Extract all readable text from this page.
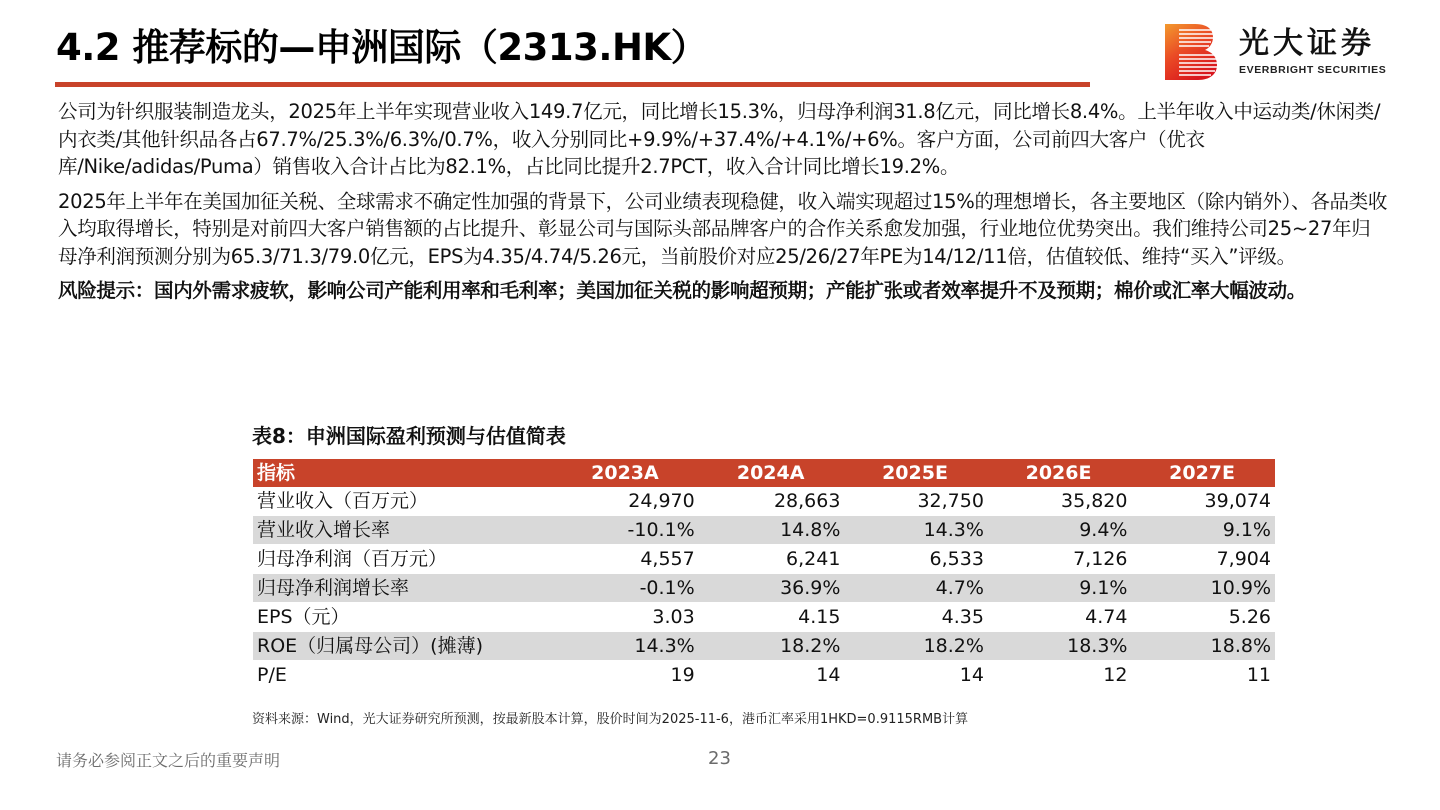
4.2 推荐标的—申洲国际（2313.HK）	光大证券
EVERBRIGHT SECURITIES

公司为针织服装制造龙头，2025年上半年实现营业收入149.7亿元，同比增长15.3%，归母净利润31.8亿元，同比增长8.4%。上半年收入中运动类/休闲类/内衣类/其他针织品各占67.7%/25.3%/6.3%/0.7%，收入分别同比+9.9%/+37.4%/+4.1%/+6%。客户方面，公司前四大客户（优衣库/Nike/adidas/Puma）销售收入合计占比为82.1%，占比同比提升2.7PCT，收入合计同比增长19.2%。

2025年上半年在美国加征关税、全球需求不确定性加强的背景下，公司业绩表现稳健，收入端实现超过15%的理想增长，各主要地区（除内销外）、各品类收入均取得增长，特别是对前四大客户销售额的占比提升、彰显公司与国际头部品牌客户的合作关系愈发加强，行业地位优势突出。我们维持公司25~27年归母净利润预测分别为65.3/71.3/79.0亿元，EPS为4.35/4.74/5.26元，当前股价对应25/26/27年PE为14/12/11倍，估值较低、维持“买入”评级。

风险提示：国内外需求疲软，影响公司产能利用率和毛利率；美国加征关税的影响超预期；产能扩张或者效率提升不及预期；棉价或汇率大幅波动。

表8：申洲国际盈利预测与估值简表
指标	2023A	2024A	2025E	2026E	2027E
营业收入（百万元）	24,970	28,663	32,750	35,820	39,074
营业收入增长率	-10.1%	14.8%	14.3%	9.4%	9.1%
归母净利润（百万元）	4,557	6,241	6,533	7,126	7,904
归母净利润增长率	-0.1%	36.9%	4.7%	9.1%	10.9%
EPS（元）	3.03	4.15	4.35	4.74	5.26
ROE（归属母公司）(摊薄)	14.3%	18.2%	18.2%	18.3%	18.8%
P/E	19	14	14	12	11
资料来源：Wind，光大证券研究所预测，按最新股本计算，股价时间为2025-11-6，港币汇率采用1HKD=0.9115RMB计算
请务必参阅正文之后的重要声明	23
